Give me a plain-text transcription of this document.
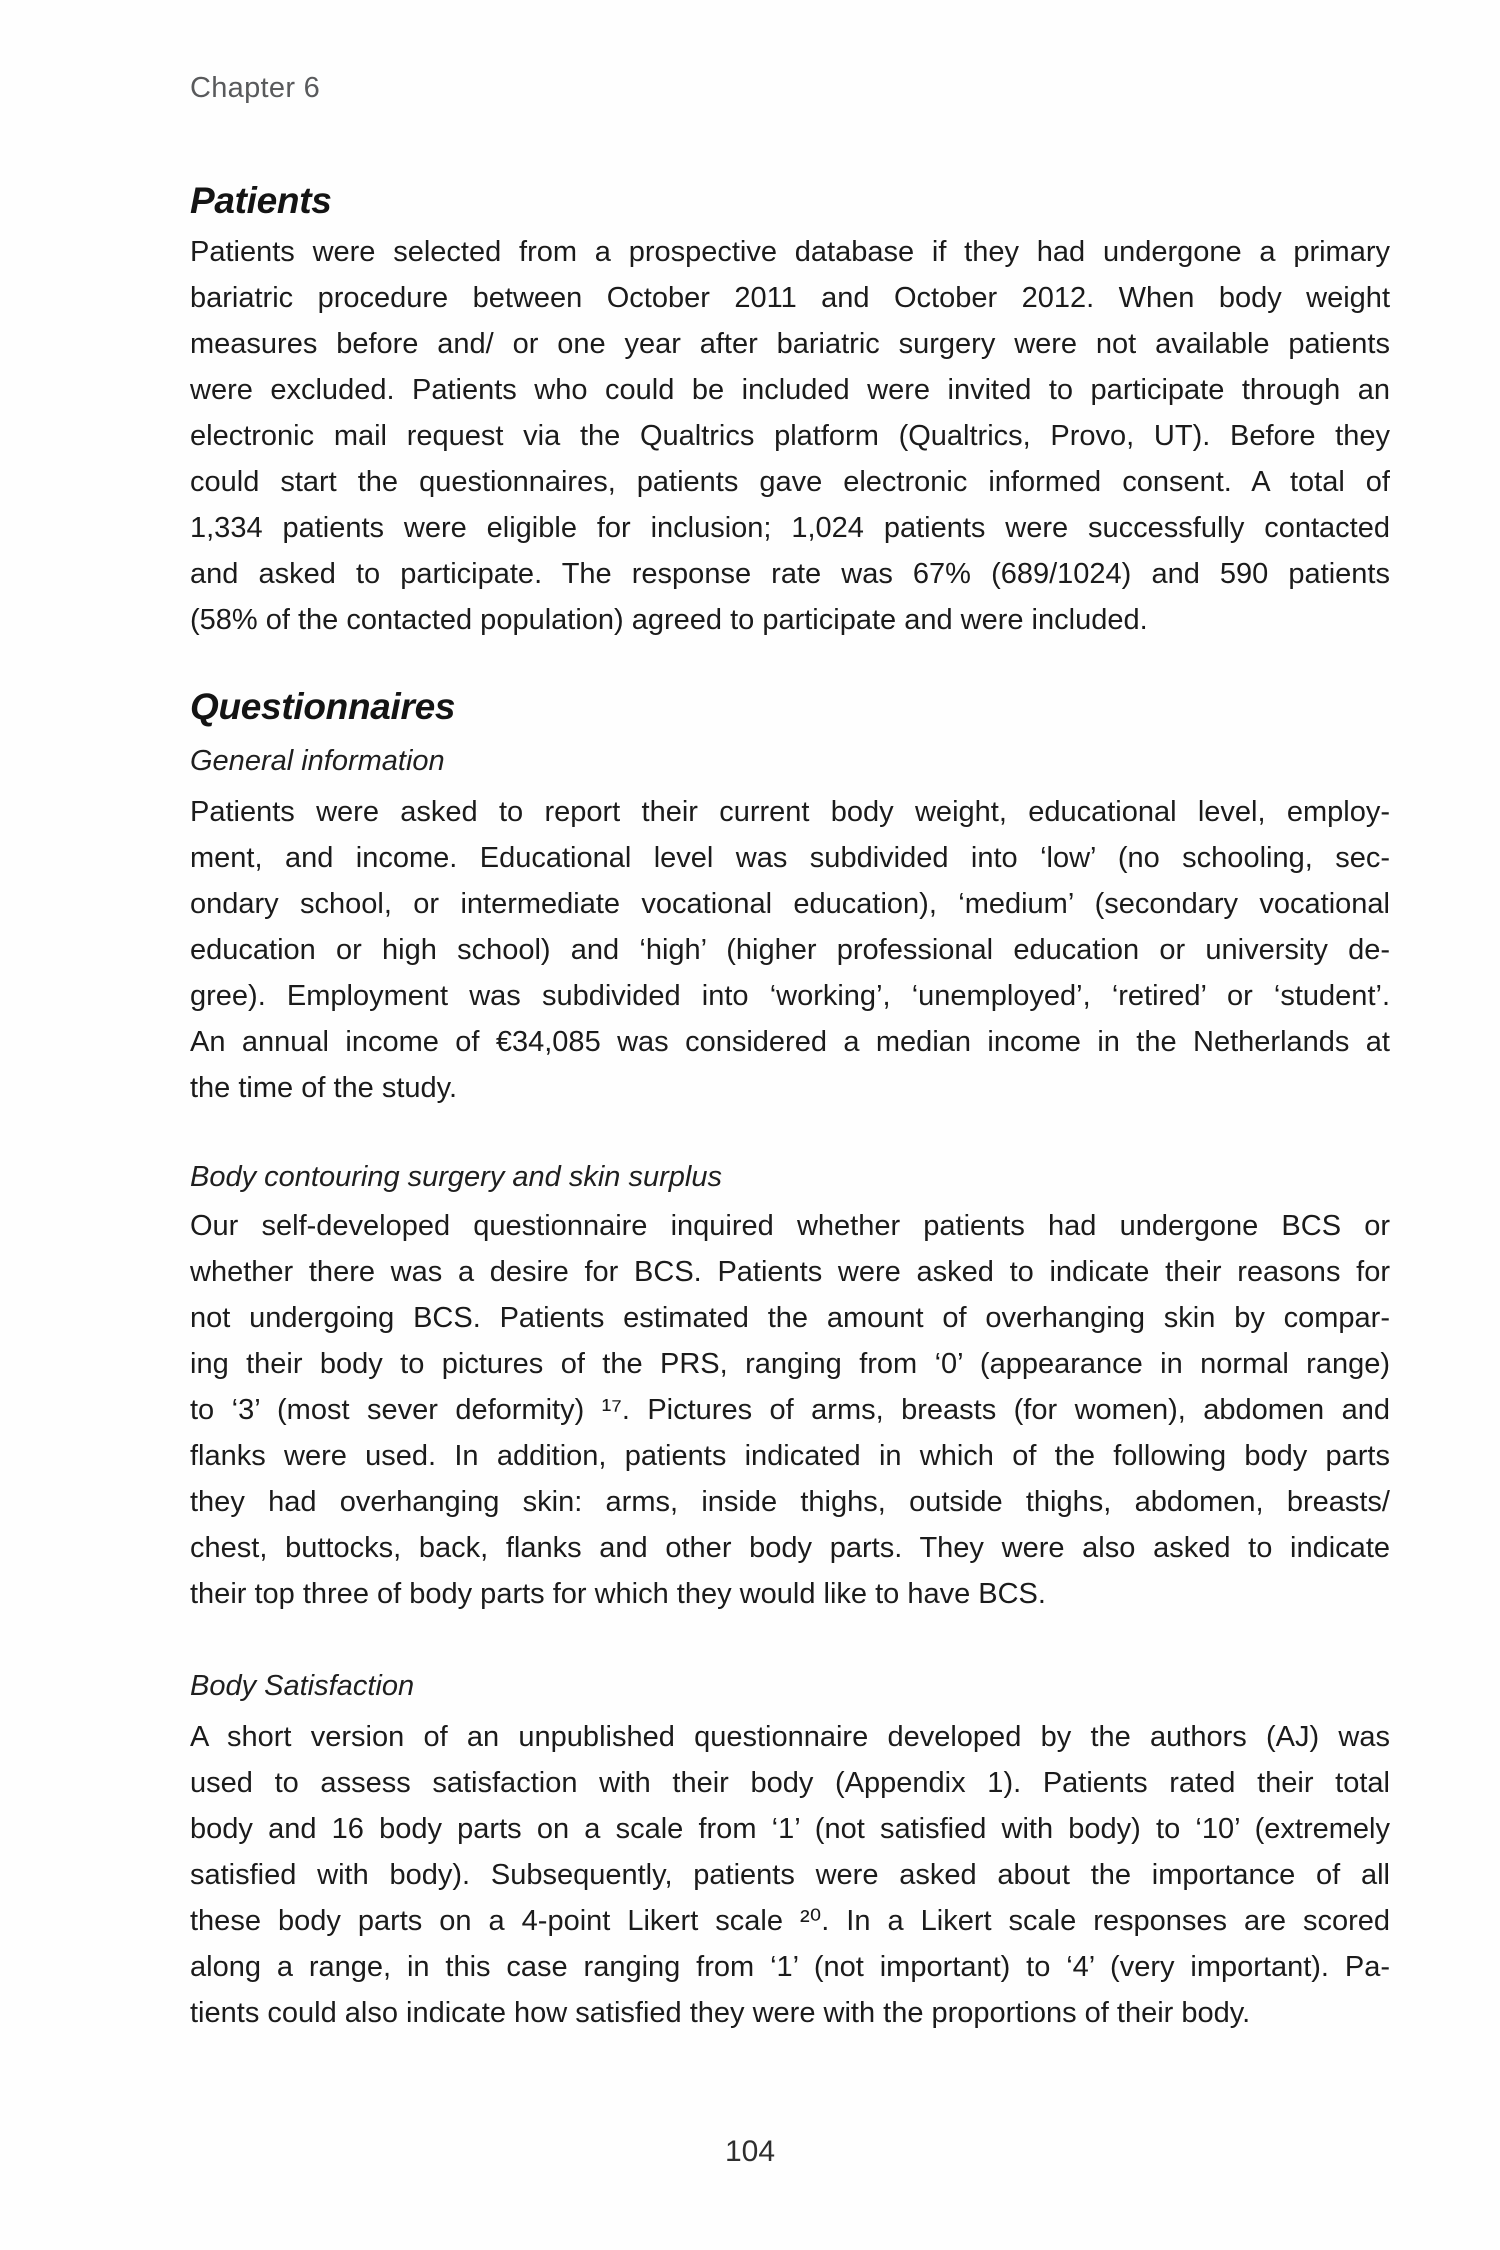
Chapter 6
Patients
Patients were selected from a prospective database if they had undergone a primary
bariatric procedure between October 2011 and October 2012. When body weight
measures before and/ or one year after bariatric surgery were not available patients
were excluded. Patients who could be included were invited to participate through an
electronic mail request via the Qualtrics platform (Qualtrics, Provo, UT). Before they
could start the questionnaires, patients gave electronic informed consent. A total of
1,334 patients were eligible for inclusion; 1,024 patients were successfully contacted
and asked to participate. The response rate was 67% (689/1024) and 590 patients
(58% of the contacted population) agreed to participate and were included.
Questionnaires
General information
Patients were asked to report their current body weight, educational level, employ-
ment, and income. Educational level was subdivided into ‘low’ (no schooling, sec-
ondary school, or intermediate vocational education), ‘medium’ (secondary vocational
education or high school) and ‘high’ (higher professional education or university de-
gree). Employment was subdivided into ‘working’, ‘unemployed’, ‘retired’ or ‘student’.
An annual income of €34,085 was considered a median income in the Netherlands at
the time of the study.
Body contouring surgery and skin surplus
Our self-developed questionnaire inquired whether patients had undergone BCS or
whether there was a desire for BCS. Patients were asked to indicate their reasons for
not undergoing BCS. Patients estimated the amount of overhanging skin by compar-
ing their body to pictures of the PRS, ranging from ‘0’ (appearance in normal range)
to ‘3’ (most sever deformity) ¹⁷. Pictures of arms, breasts (for women), abdomen and
flanks were used. In addition, patients indicated in which of the following body parts
they had overhanging skin: arms, inside thighs, outside thighs, abdomen, breasts/
chest, buttocks, back, flanks and other body parts. They were also asked to indicate
their top three of body parts for which they would like to have BCS.
Body Satisfaction
A short version of an unpublished questionnaire developed by the authors (AJ) was
used to assess satisfaction with their body (Appendix 1). Patients rated their total
body and 16 body parts on a scale from ‘1’ (not satisfied with body) to ‘10’ (extremely
satisfied with body). Subsequently, patients were asked about the importance of all
these body parts on a 4-point Likert scale ²⁰. In a Likert scale responses are scored
along a range, in this case ranging from ‘1’ (not important) to ‘4’ (very important). Pa-
tients could also indicate how satisfied they were with the proportions of their body.
104
